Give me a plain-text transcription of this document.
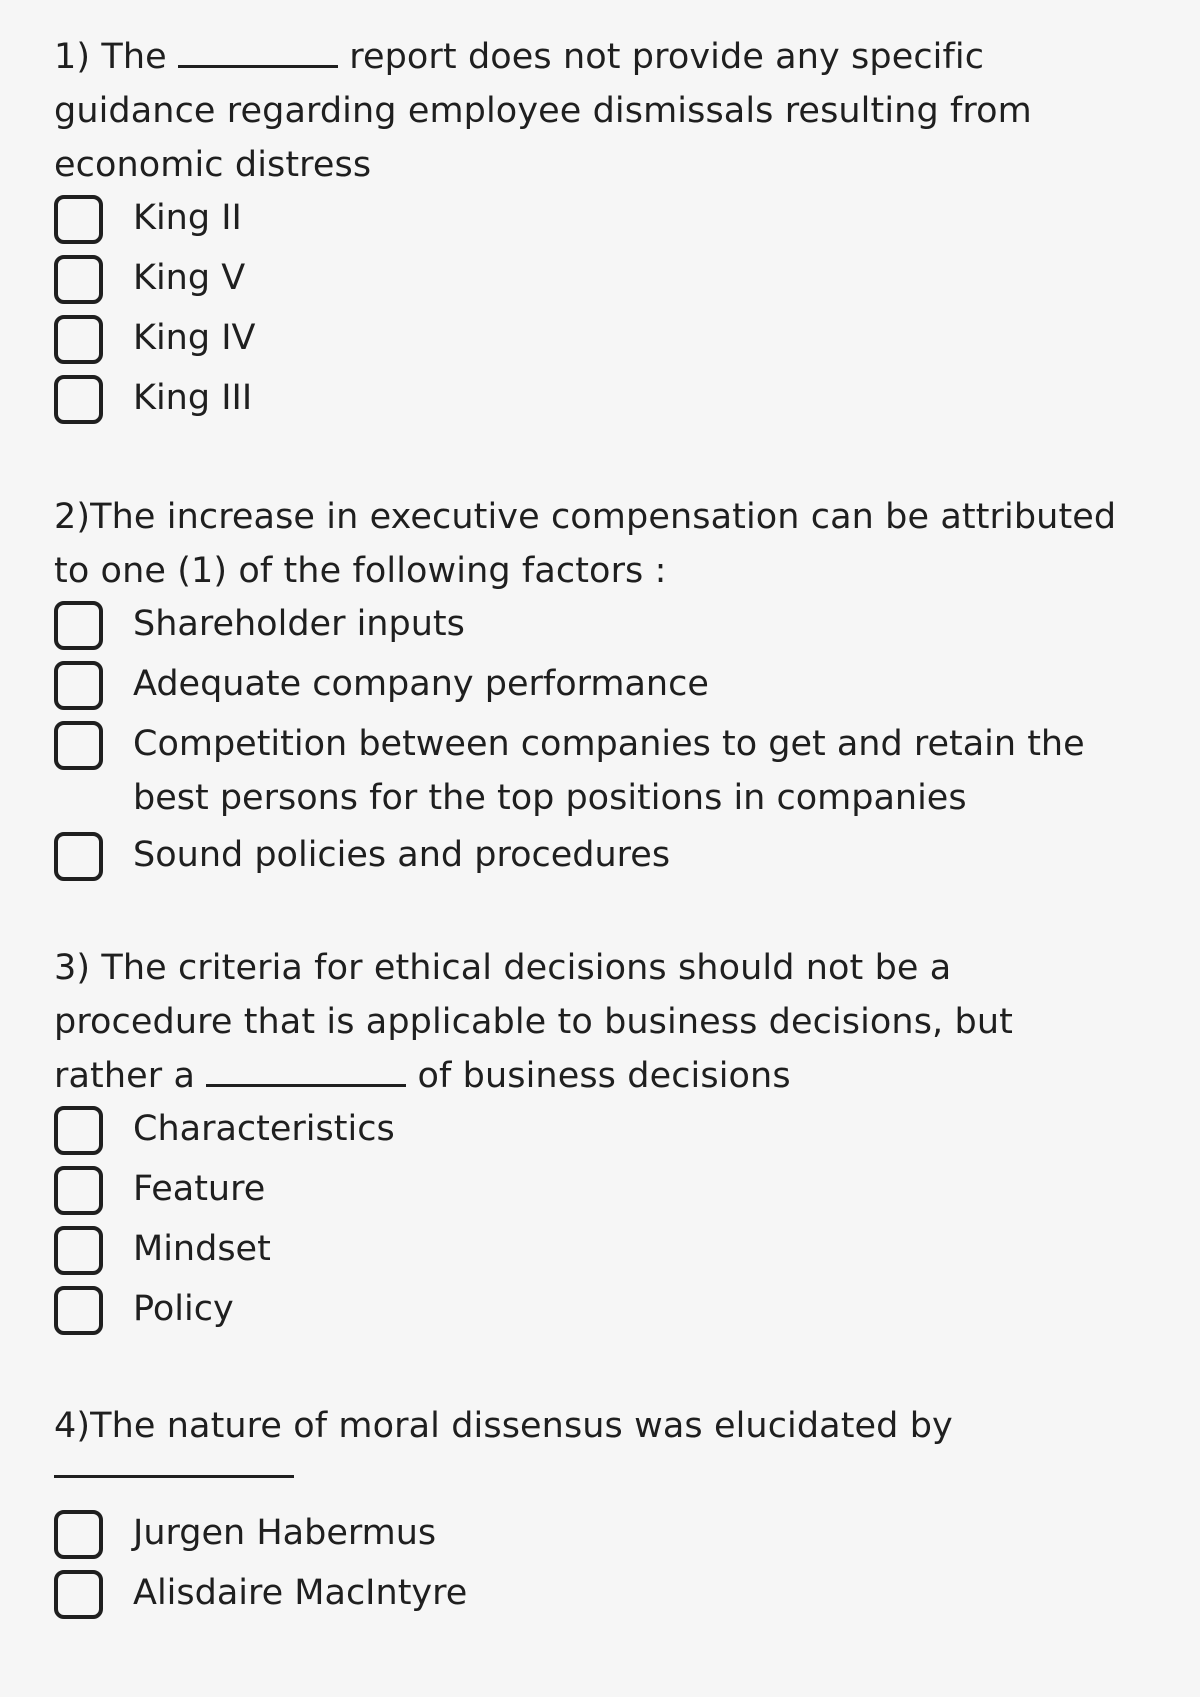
1) The	report does not provide any specific guidance regarding employee dismissals resulting from economic distress

King II
King V
King IV
King III

2)The increase in executive compensation can be attributed to one (1) of the following factors :

Shareholder inputs
Adequate company performance
Competition between companies to get and retain the best persons for the top positions in companies
Sound policies and procedures

3) The criteria for ethical decisions should not be a procedure that is applicable to business decisions, but rather a	of business decisions

Characteristics
Feature
Mindset
Policy

4)The nature of moral dissensus was elucidated by

Jurgen Habermus
Alisdaire MacIntyre
